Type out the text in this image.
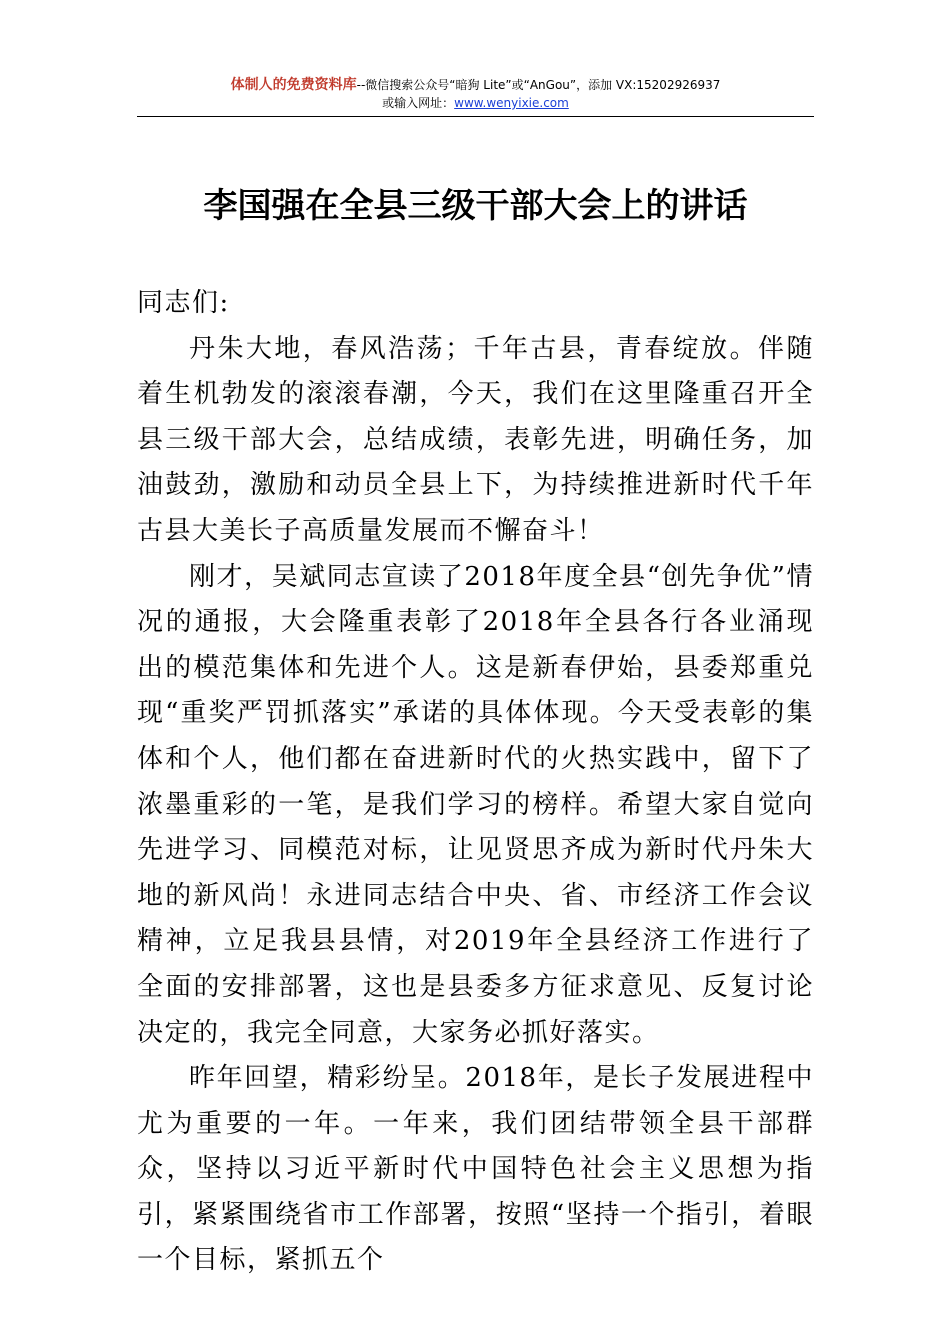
体制人的免费资料库--微信搜索公众号“暗狗 Lite”或“AnGou”，添加 VX:15202926937
或输入网址：www.wenyixie.com
李国强在全县三级干部大会上的讲话

同志们:

丹朱大地，春风浩荡；千年古县，青春绽放。伴随着生机勃发的滚滚春潮，今天，我们在这里隆重召开全县三级干部大会，总结成绩，表彰先进，明确任务，加油鼓劲，激励和动员全县上下，为持续推进新时代千年古县大美长子高质量发展而不懈奋斗！

刚才，吴斌同志宣读了2018年度全县“创先争优”情况的通报，大会隆重表彰了2018年全县各行各业涌现出的模范集体和先进个人。这是新春伊始，县委郑重兑现“重奖严罚抓落实”承诺的具体体现。今天受表彰的集体和个人，他们都在奋进新时代的火热实践中，留下了浓墨重彩的一笔，是我们学习的榜样。希望大家自觉向先进学习、同模范对标，让见贤思齐成为新时代丹朱大地的新风尚！永进同志结合中央、省、市经济工作会议精神，立足我县县情，对2019年全县经济工作进行了全面的安排部署，这也是县委多方征求意见、反复讨论决定的，我完全同意，大家务必抓好落实。

昨年回望，精彩纷呈。2018年，是长子发展进程中尤为重要的一年。一年来，我们团结带领全县干部群众，坚持以习近平新时代中国特色社会主义思想为指引，紧紧围绕省市工作部署，按照“坚持一个指引，着眼一个目标，紧抓五个
